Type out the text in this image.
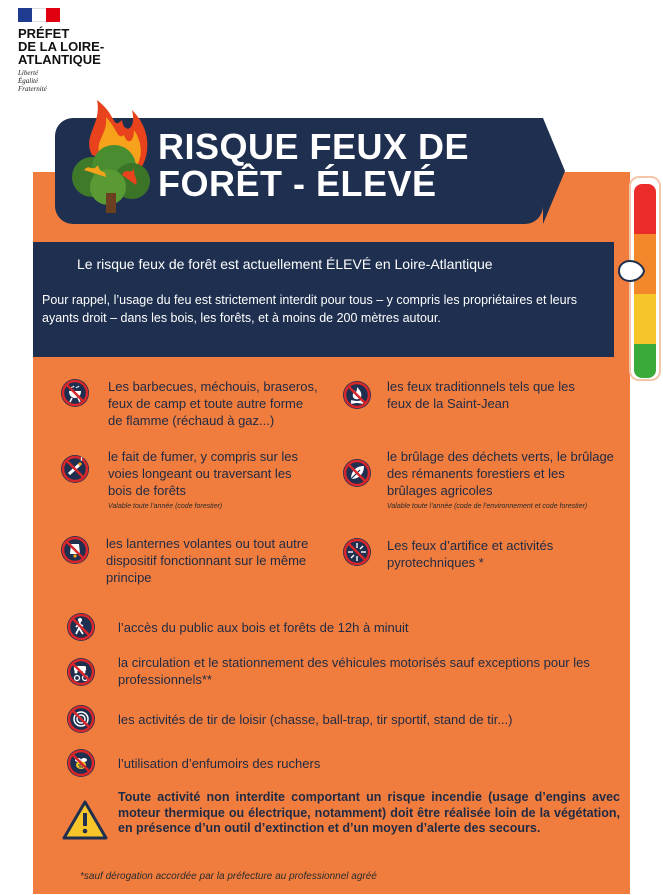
PRÉFET
DE LA LOIRE-
ATLANTIQUE
Liberté
Égalité
Fraternité
RISQUE FEUX DE
FORÊT - ÉLEVÉ
Le risque feux de forêt est actuellement ÉLEVÉ en Loire-Atlantique
Pour rappel, l’usage du feu est strictement interdit pour tous – y compris les propriétaires et leurs ayants droit – dans les bois, les forêts, et à moins de 200 mètres autour.
Les barbecues, méchouis, braseros,
feux de camp et toute autre forme
de flamme (réchaud à gaz...)
le fait de fumer, y compris sur les
voies longeant ou traversant les
bois de forêts
Valable toute l’année (code forestier)
les lanternes volantes ou tout autre
dispositif fonctionnant sur le même
principe
les feux traditionnels tels que les
feux de la Saint-Jean
le brûlage des déchets verts, le brûlage
des rémanents forestiers et les
brûlages agricoles
Valable toute l’année (code de l’environnement et code forestier)
Les feux d’artifice et activités
pyrotechniques *
l’accès du public aux bois et forêts de 12h à minuit
la circulation et le stationnement des véhicules motorisés sauf exceptions pour les
professionnels**
les activités de tir de loisir (chasse, ball-trap, tir sportif, stand de tir...)
l’utilisation d’enfumoirs des ruchers
Toute activité non interdite comportant un risque incendie (usage d’engins avec moteur thermique ou électrique, notamment) doit être réalisée loin de la végétation, en présence d’un outil d’extinction et d’un moyen d’alerte des secours.
*sauf dérogation accordée par la préfecture au professionnel agréé
